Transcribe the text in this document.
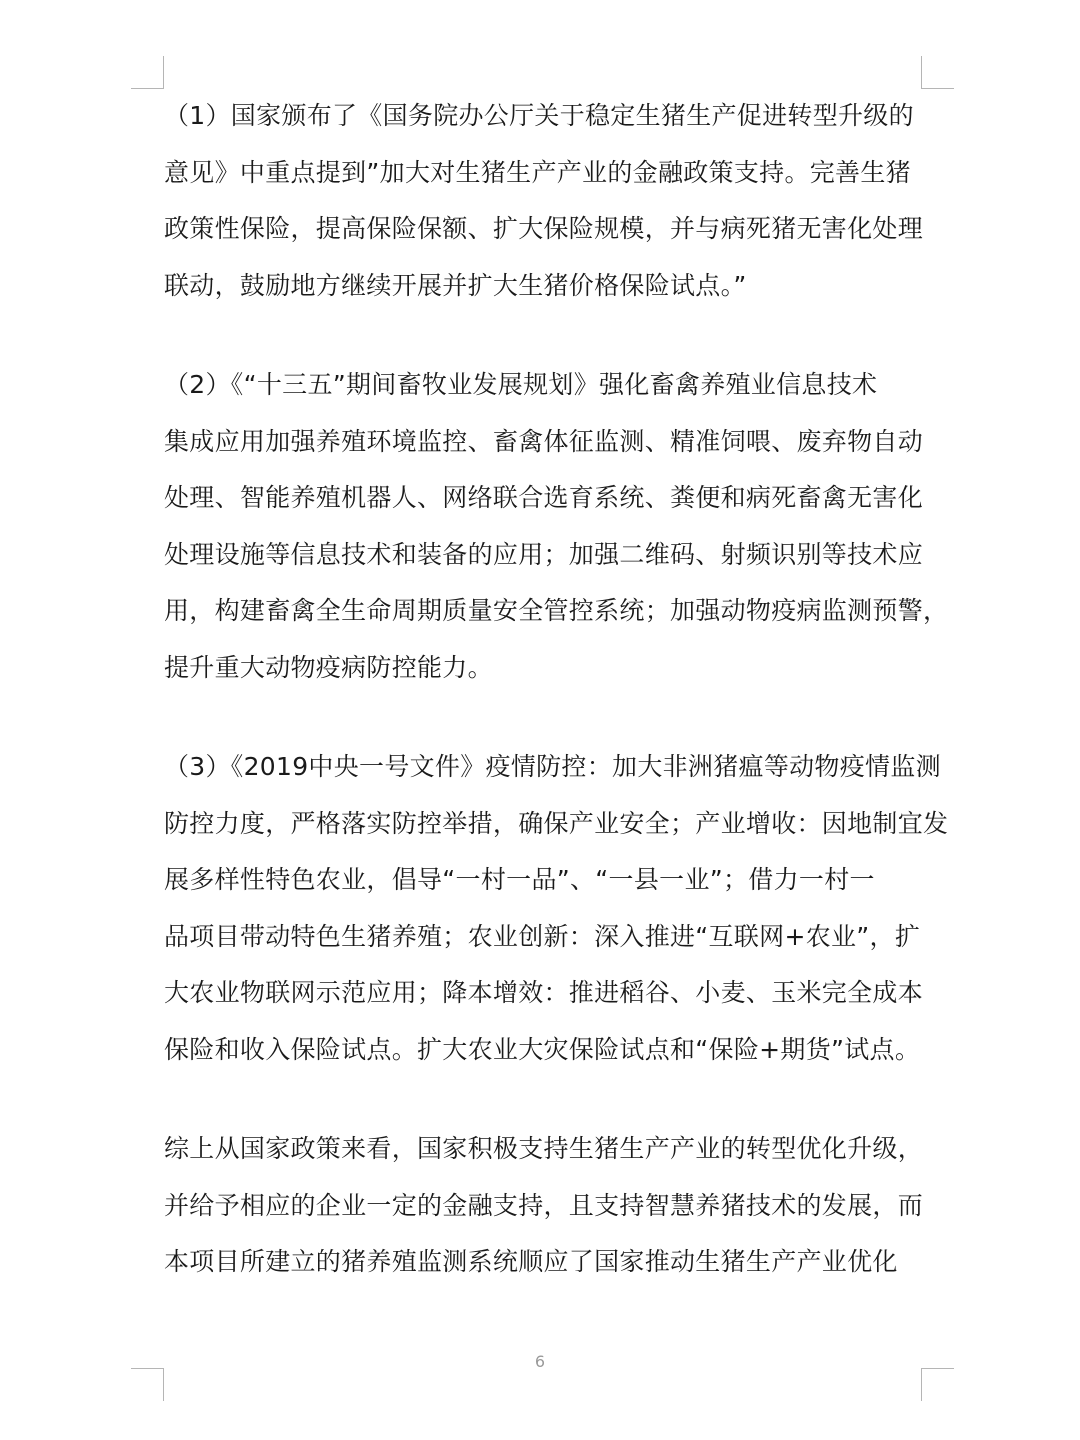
（1）国家颁布了《国务院办公厅关于稳定生猪生产促进转型升级的
意见》中重点提到”加大对生猪生产产业的金融政策支持。完善生猪
政策性保险，提高保险保额、扩大保险规模，并与病死猪无害化处理
联动，鼓励地方继续开展并扩大生猪价格保险试点。”

（2）《“十三五”期间畜牧业发展规划》强化畜禽养殖业信息技术
集成应用加强养殖环境监控、畜禽体征监测、精准饲喂、废弃物自动
处理、智能养殖机器人、网络联合选育系统、粪便和病死畜禽无害化
处理设施等信息技术和装备的应用；加强二维码、射频识别等技术应
用，构建畜禽全生命周期质量安全管控系统；加强动物疫病监测预警，
提升重大动物疫病防控能力。

（3）《2019中央一号文件》疫情防控：加大非洲猪瘟等动物疫情监测
防控力度，严格落实防控举措，确保产业安全；产业增收：因地制宜发
展多样性特色农业，倡导“一村一品”、“一县一业”；借力一村一
品项目带动特色生猪养殖；农业创新：深入推进“互联网+农业”，扩
大农业物联网示范应用；降本增效：推进稻谷、小麦、玉米完全成本
保险和收入保险试点。扩大农业大灾保险试点和“保险+期货”试点。

综上从国家政策来看，国家积极支持生猪生产产业的转型优化升级，
并给予相应的企业一定的金融支持，且支持智慧养猪技术的发展，而
本项目所建立的猪养殖监测系统顺应了国家推动生猪生产产业优化

6
